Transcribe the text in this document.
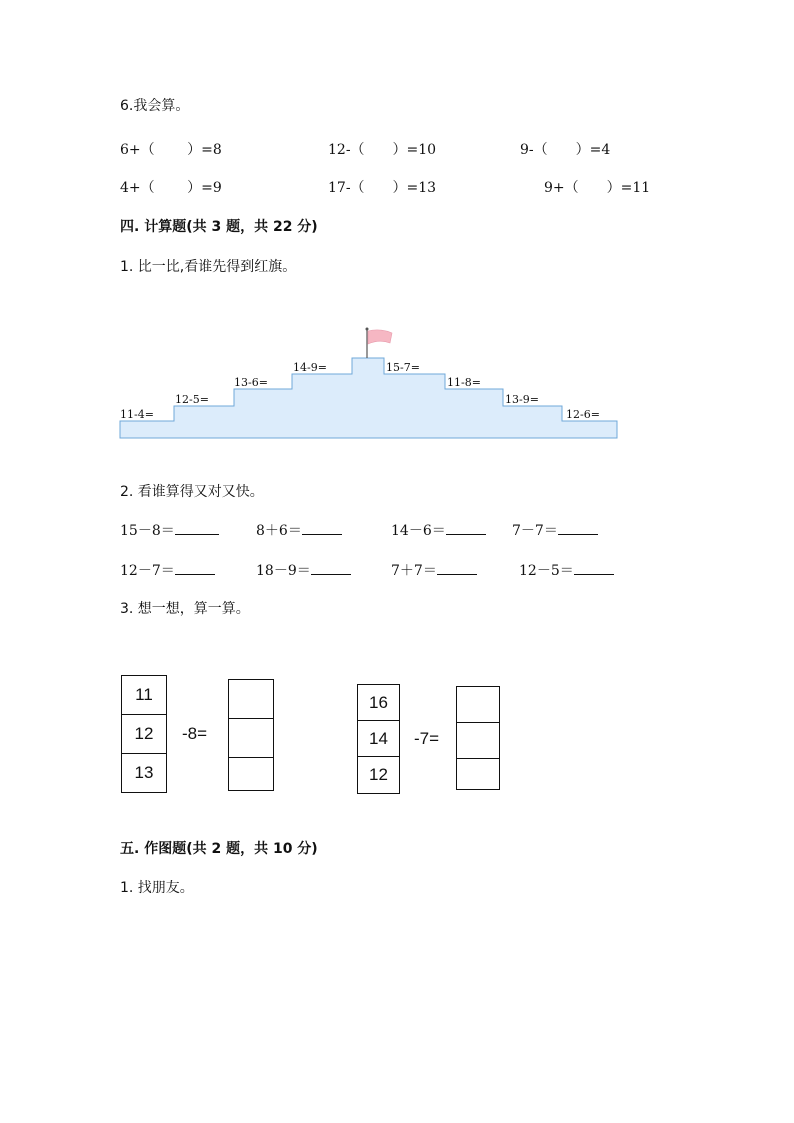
6.我会算。
6+（　　 ）=8	12-（　　）=10	9-（　　）=4
4+（　　 ）=9	17-（　　）=13	9+（　　）=11
四. 计算题(共 3 题，共 22 分)
1. 比一比,看谁先得到红旗。
11-4=
12-5=
13-6=
14-9=	15-7=
11-8=
13-9=
12-6=
2. 看谁算得又对又快。
15－8＝	8＋6＝	14－6＝	7－7＝
12－7＝	18－9＝	7＋7＝	12－5＝
3. 想一想，算一算。
11
12
13
-8=
16
14
12
-7=
五. 作图题(共 2 题，共 10 分)
1. 找朋友。
